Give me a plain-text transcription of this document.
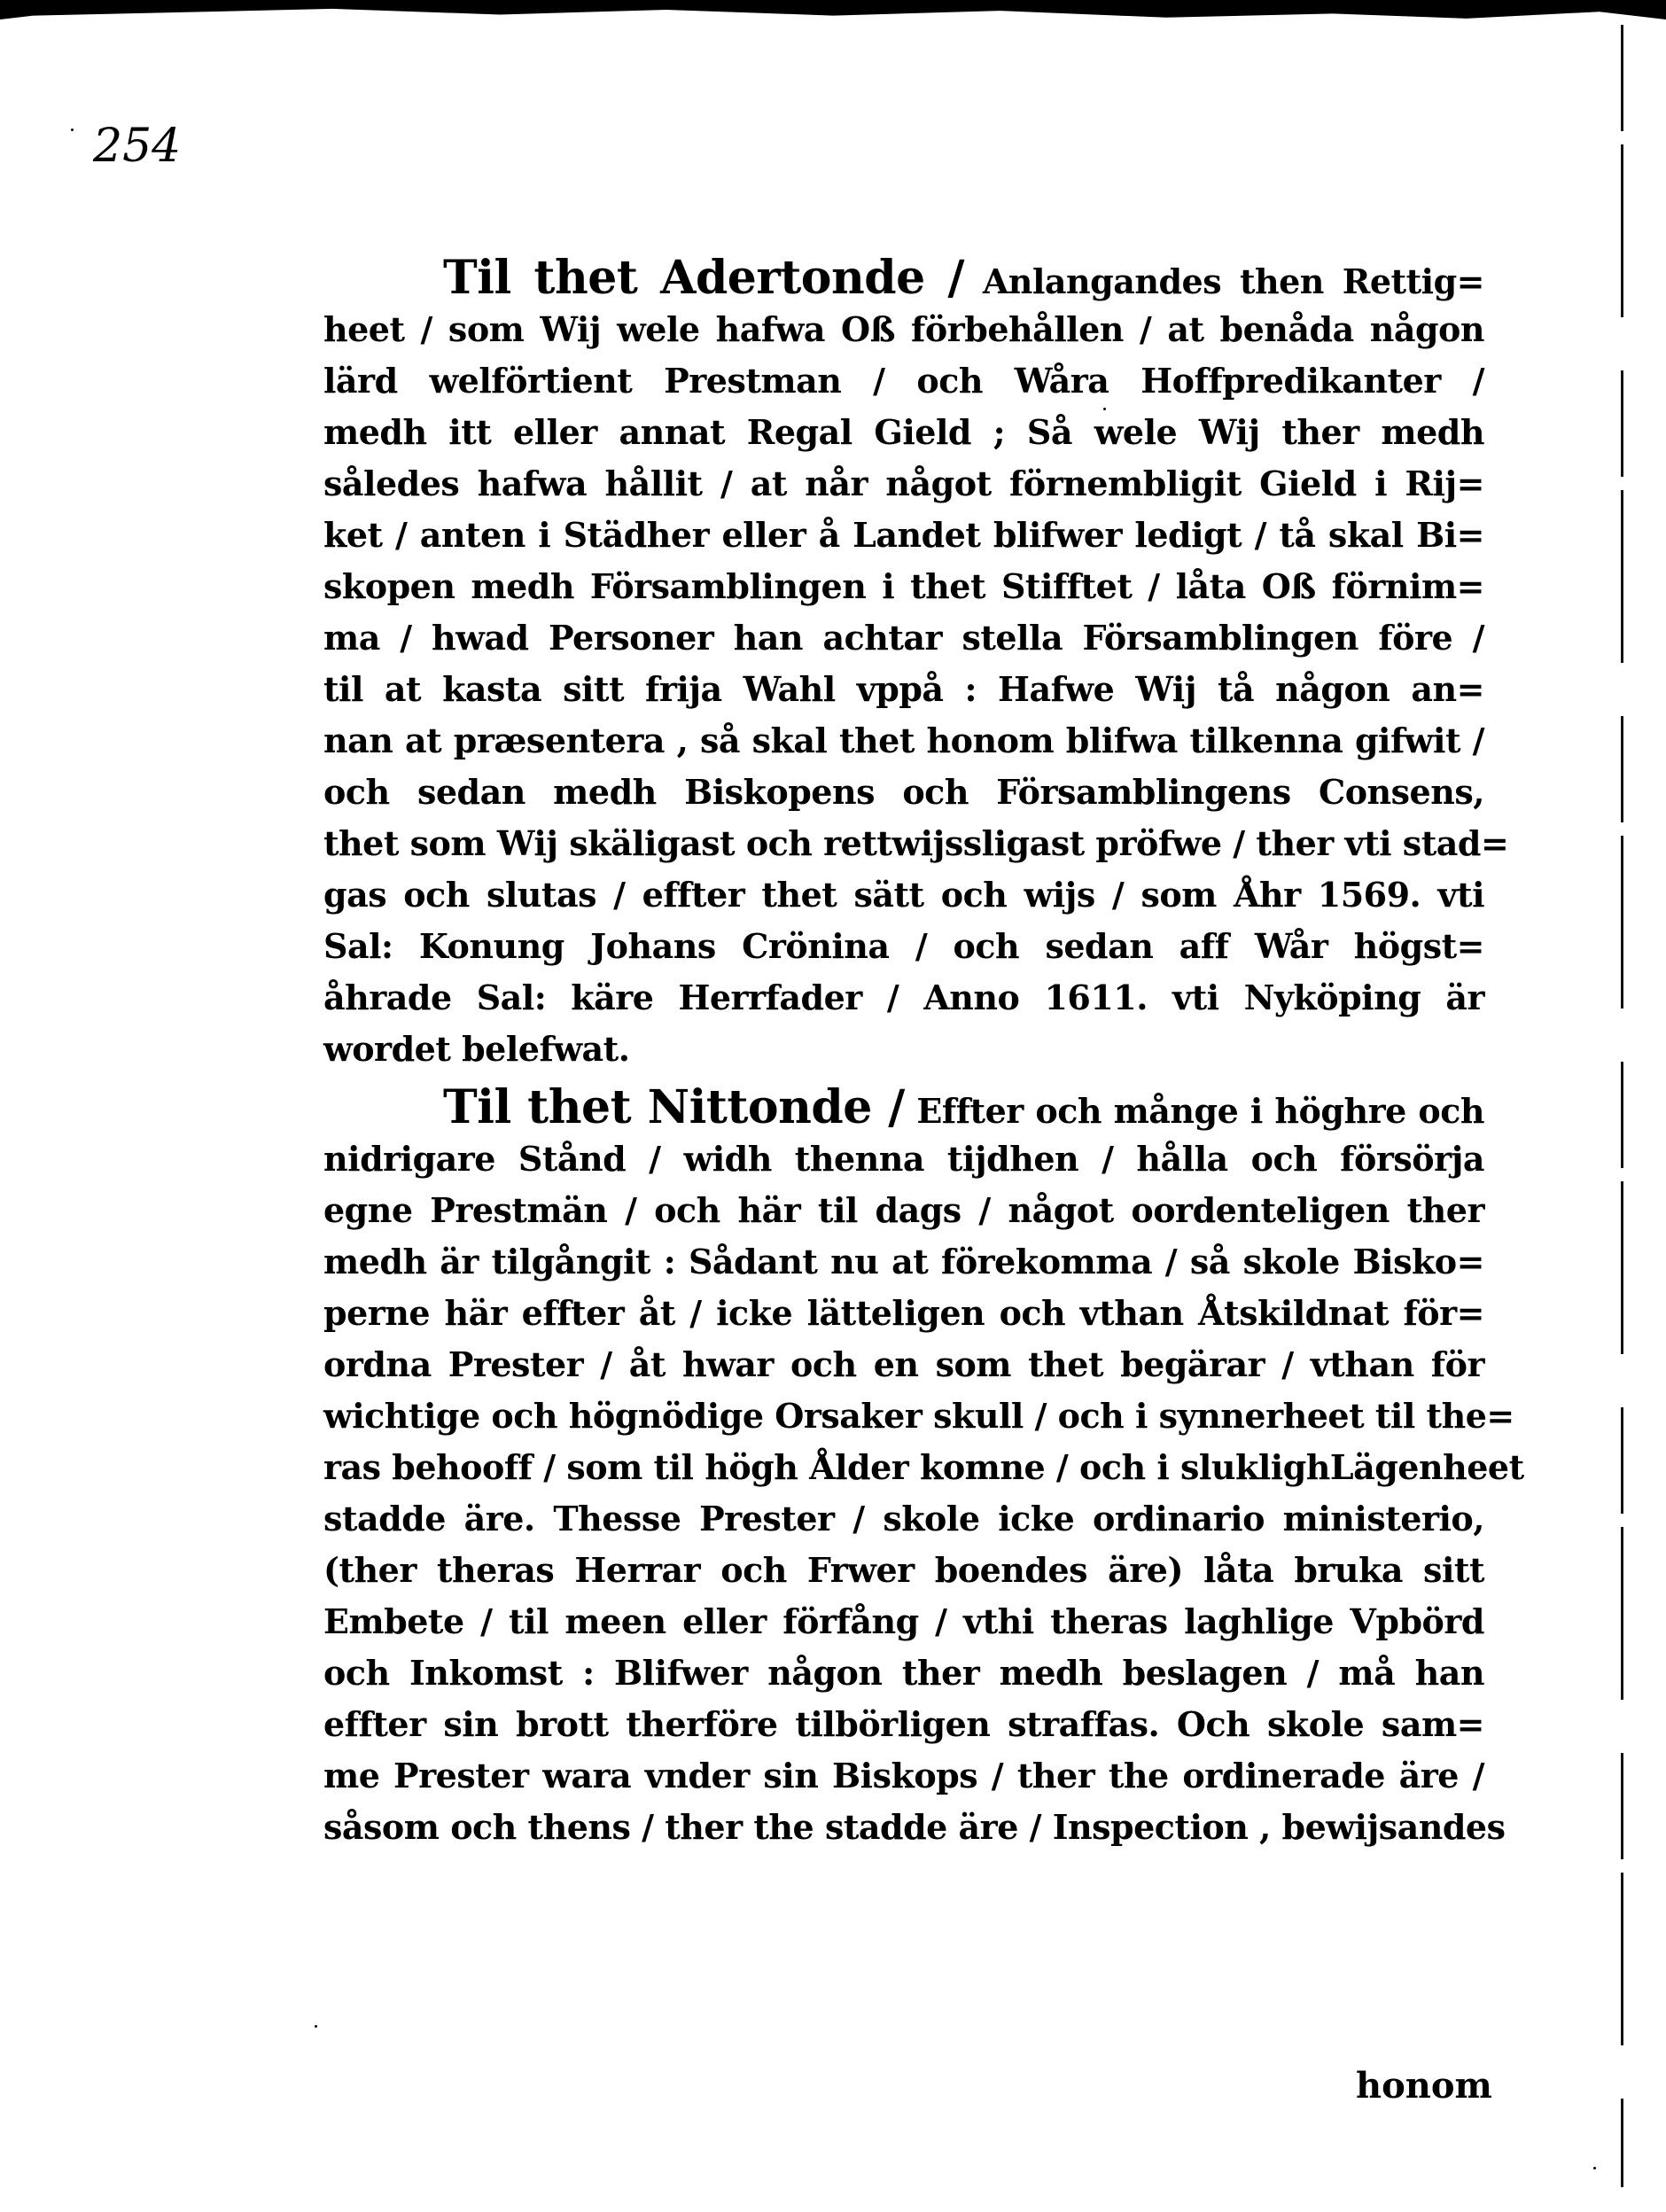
254
Til thet Adertonde / Anlangandes then Rettig=
heet / som Wij wele hafwa Oß förbehållen / at benåda någon
lärd welförtient Prestman / och Wåra Hoffpredikanter /
medh itt eller annat Regal Gield ; Så wele Wij ther medh
således hafwa hållit / at når något förnembligit Gield i Rij=
ket / anten i Städher eller å Landet blifwer ledigt / tå skal Bi=
skopen medh Församblingen i thet Stifftet / låta Oß förnim=
ma / hwad Personer han achtar stella Församblingen före /
til at kasta sitt frija Wahl vppå : Hafwe Wij tå någon an=
nan at præsentera , så skal thet honom blifwa tilkenna gifwit /
och sedan medh Biskopens och Församblingens Consens,
thet som Wij skäligast och rettwijssligast pröfwe / ther vti stad=
gas och slutas / effter thet sätt och wijs / som Åhr 1569. vti
Sal: Konung Johans Crönina / och sedan aff Wår högst=
åhrade Sal: käre Herrfader / Anno 1611. vti Nyköping är
wordet belefwat.
Til thet Nittonde / Effter och månge i höghre och
nidrigare Stånd / widh thenna tijdhen / hålla och försörja
egne Prestmän / och här til dags / något oordenteligen ther
medh är tilgångit : Sådant nu at förekomma / så skole Bisko=
perne här effter åt / icke lätteligen och vthan Åtskildnat för=
ordna Prester / åt hwar och en som thet begärar / vthan för
wichtige och högnödige Orsaker skull / och i synnerheet til the=
ras behooff / som til högh Ålder komne / och i sluklighLägenheet
stadde äre. Thesse Prester / skole icke ordinario ministerio,
(ther theras Herrar och Frwer boendes äre) låta bruka sitt
Embete / til meen eller förfång / vthi theras laghlige Vpbörd
och Inkomst : Blifwer någon ther medh beslagen / må han
effter sin brott therföre tilbörligen straffas. Och skole sam=
me Prester wara vnder sin Biskops / ther the ordinerade äre /
såsom och thens / ther the stadde äre / Inspection , bewijsandes
honom
